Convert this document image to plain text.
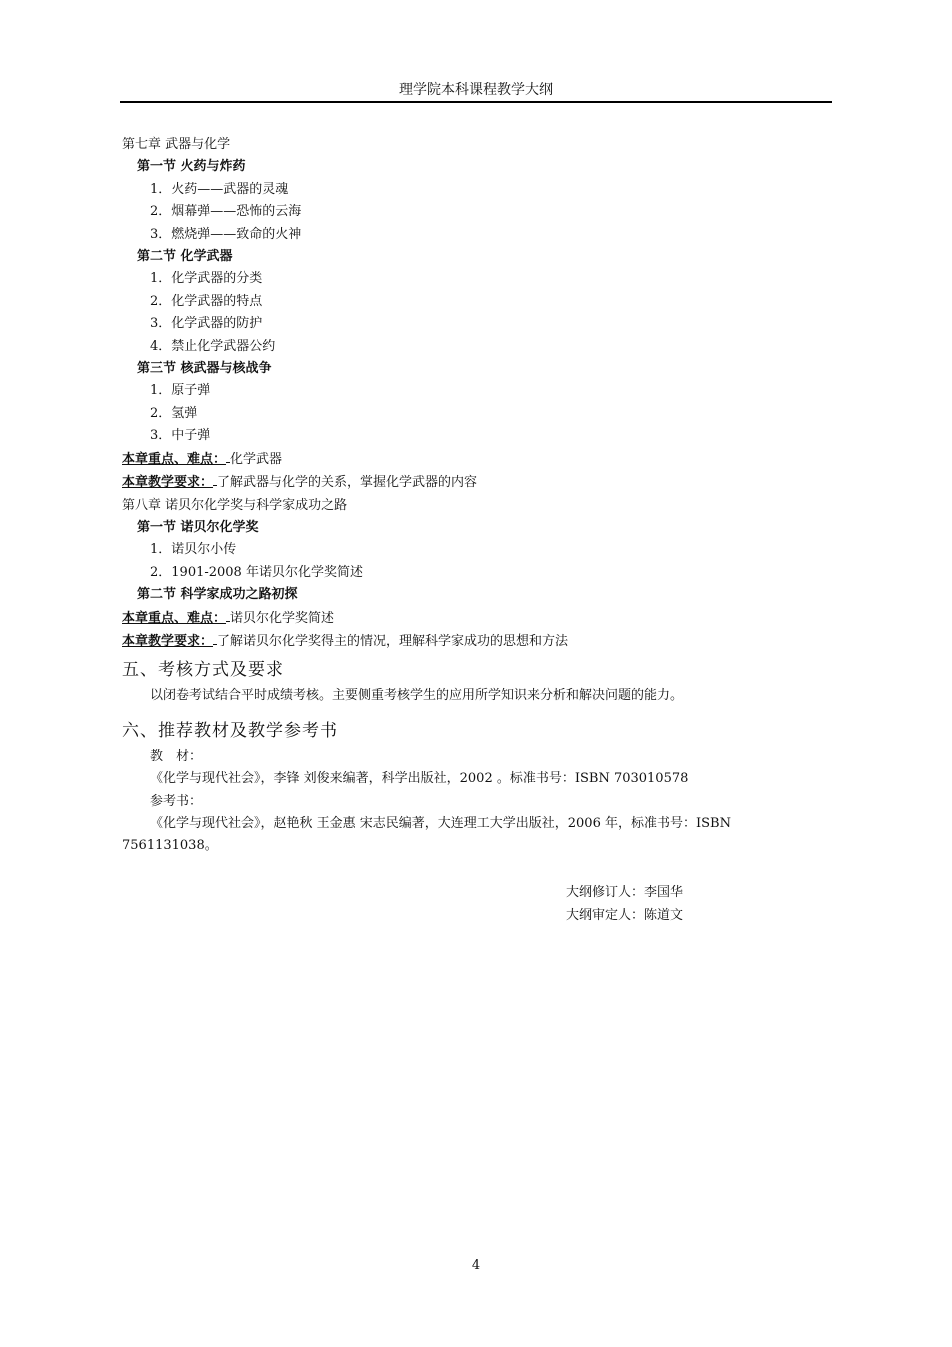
理学院本科课程教学大纲
第七章 武器与化学
第一节 火药与炸药
1．火药——武器的灵魂
2．烟幕弹——恐怖的云海
3．燃烧弹——致命的火神
第二节 化学武器
1．化学武器的分类
2．化学武器的特点
3．化学武器的防护
4．禁止化学武器公约
第三节 核武器与核战争
1．原子弹
2．氢弹
3．中子弹
本章重点、难点： 化学武器
本章教学要求： 了解武器与化学的关系，掌握化学武器的内容
第八章 诺贝尔化学奖与科学家成功之路
第一节 诺贝尔化学奖
1．诺贝尔小传
2．1901-2008 年诺贝尔化学奖简述
第二节 科学家成功之路初探
本章重点、难点： 诺贝尔化学奖简述
本章教学要求： 了解诺贝尔化学奖得主的情况，理解科学家成功的思想和方法
五、考核方式及要求
以闭卷考试结合平时成绩考核。主要侧重考核学生的应用所学知识来分析和解决问题的能力。
六、推荐教材及教学参考书
教　材：
《化学与现代社会》，李锋 刘俊来编著，科学出版社，2002 。标准书号：ISBN 703010578
参考书：
《化学与现代社会》，赵艳秋 王金惠 宋志民编著，大连理工大学出版社，2006 年，标准书号：ISBN
7561131038。
大纲修订人：李国华
大纲审定人：陈道文
4
